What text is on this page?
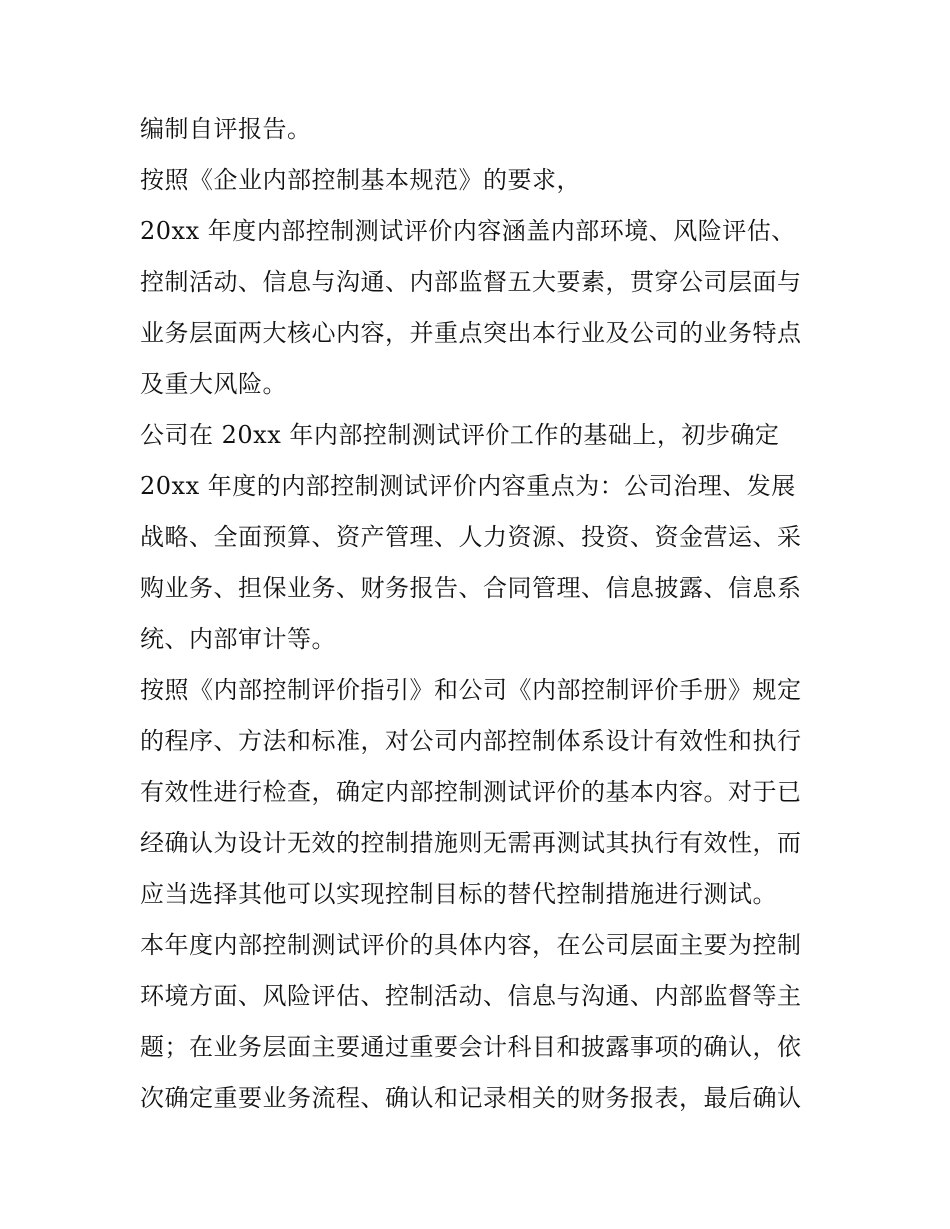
编制自评报告。
按照《企业内部控制基本规范》的要求，
20xx 年度内部控制测试评价内容涵盖内部环境、风险评估、
控制活动、信息与沟通、内部监督五大要素，贯穿公司层面与
业务层面两大核心内容，并重点突出本行业及公司的业务特点
及重大风险。
公司在 20xx 年内部控制测试评价工作的基础上，初步确定
20xx 年度的内部控制测试评价内容重点为：公司治理、发展
战略、全面预算、资产管理、人力资源、投资、资金营运、采
购业务、担保业务、财务报告、合同管理、信息披露、信息系
统、内部审计等。
按照《内部控制评价指引》和公司《内部控制评价手册》规定
的程序、方法和标准，对公司内部控制体系设计有效性和执行
有效性进行检查，确定内部控制测试评价的基本内容。对于已
经确认为设计无效的控制措施则无需再测试其执行有效性，而
应当选择其他可以实现控制目标的替代控制措施进行测试。
本年度内部控制测试评价的具体内容，在公司层面主要为控制
环境方面、风险评估、控制活动、信息与沟通、内部监督等主
题；在业务层面主要通过重要会计科目和披露事项的确认，依
次确定重要业务流程、确认和记录相关的财务报表，最后确认
